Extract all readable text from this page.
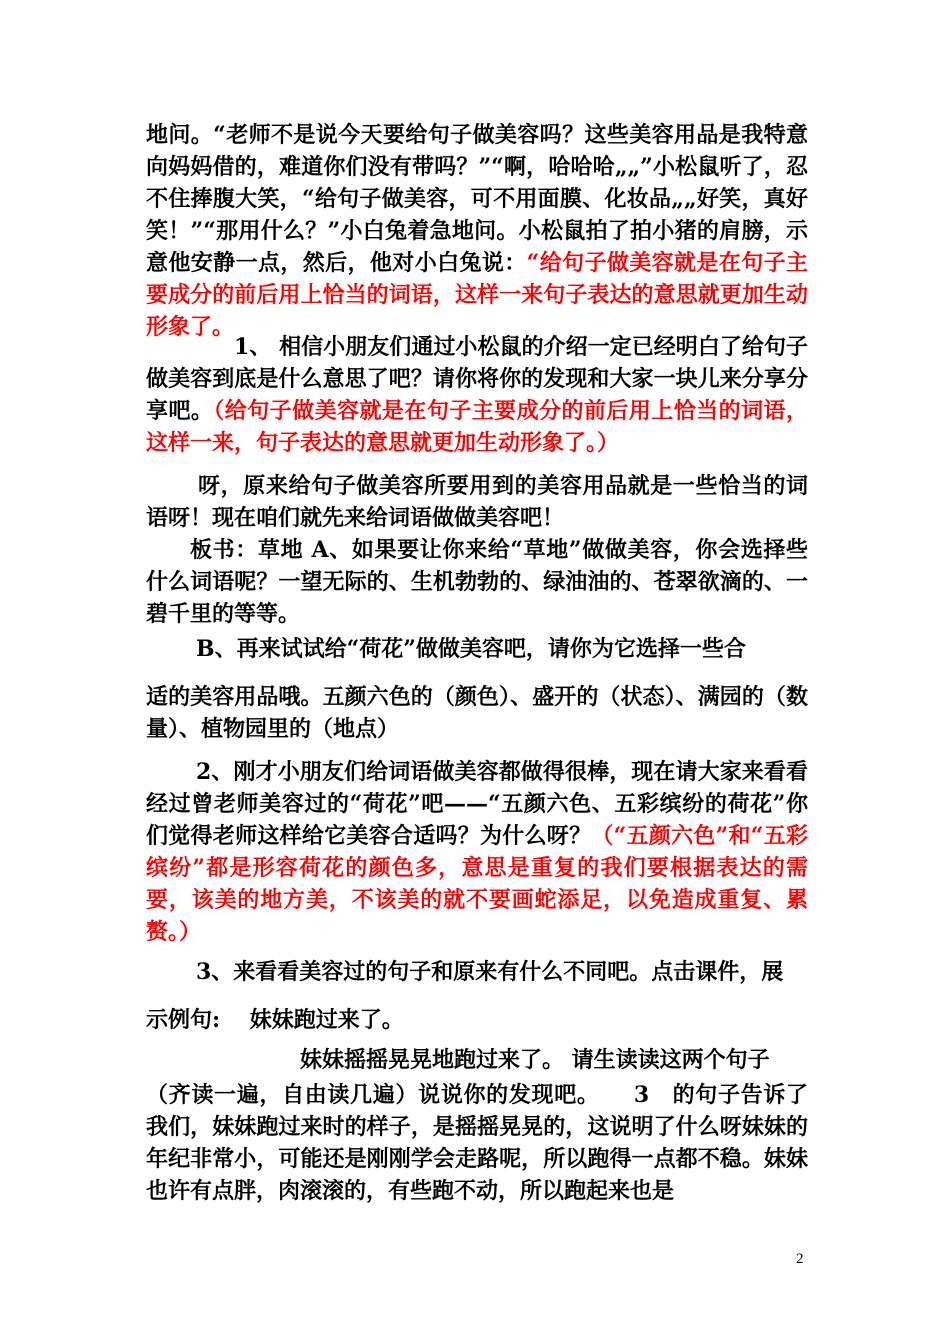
地问。“老师不是说今天要给句子做美容吗？这些美容用品是我特意向妈妈借的，难道你们没有带吗？”“啊，哈哈哈„„”小松鼠听了，忍不住捧腹大笑，“给句子做美容，可不用面膜、化妆品„„好笑，真好笑！”“那用什么？”小白兔着急地问。小松鼠拍了拍小猪的肩膀，示意他安静一点，然后，他对小白兔说：“给句子做美容就是在句子主要成分的前后用上恰当的词语，这样一来句子表达的意思就更加生动形象了。

1、 相信小朋友们通过小松鼠的介绍一定已经明白了给句子做美容到底是什么意思了吧？请你将你的发现和大家一块儿来分享分享吧。（给句子做美容就是在句子主要成分的前后用上恰当的词语，这样一来，句子表达的意思就更加生动形象了。）

呀，原来给句子做美容所要用到的美容用品就是一些恰当的词语呀！现在咱们就先来给词语做做美容吧！

板书：草地 A、如果要让你来给“草地”做做美容，你会选择些什么词语呢？一望无际的、生机勃勃的、绿油油的、苍翠欲滴的、一碧千里的等等。

B、再来试试给“荷花”做做美容吧，请你为它选择一些合

适的美容用品哦。五颜六色的（颜色）、盛开的（状态）、满园的（数量）、植物园里的（地点）

2、刚才小朋友们给词语做美容都做得很棒，现在请大家来看看经过曾老师美容过的“荷花”吧——“五颜六色、五彩缤纷的荷花”你们觉得老师这样给它美容合适吗？为什么呀？（“五颜六色”和“五彩缤纷”都是形容荷花的颜色多，意思是重复的我们要根据表达的需要，该美的地方美，不该美的就不要画蛇添足，以免造成重复、累赘。）

3、来看看美容过的句子和原来有什么不同吧。点击课件，展

示例句:　 妹妹跑过来了。

妹妹摇摇晃晃地跑过来了。 请生读读这两个句子

（齐读一遍，自由读几遍）说说你的发现吧。　　3　的句子告诉了我们，妹妹跑过来时的样子，是摇摇晃晃的，这说明了什么呀妹妹的年纪非常小，可能还是刚刚学会走路呢，所以跑得一点都不稳。妹妹也许有点胖，肉滚滚的，有些跑不动，所以跑起来也是

2
